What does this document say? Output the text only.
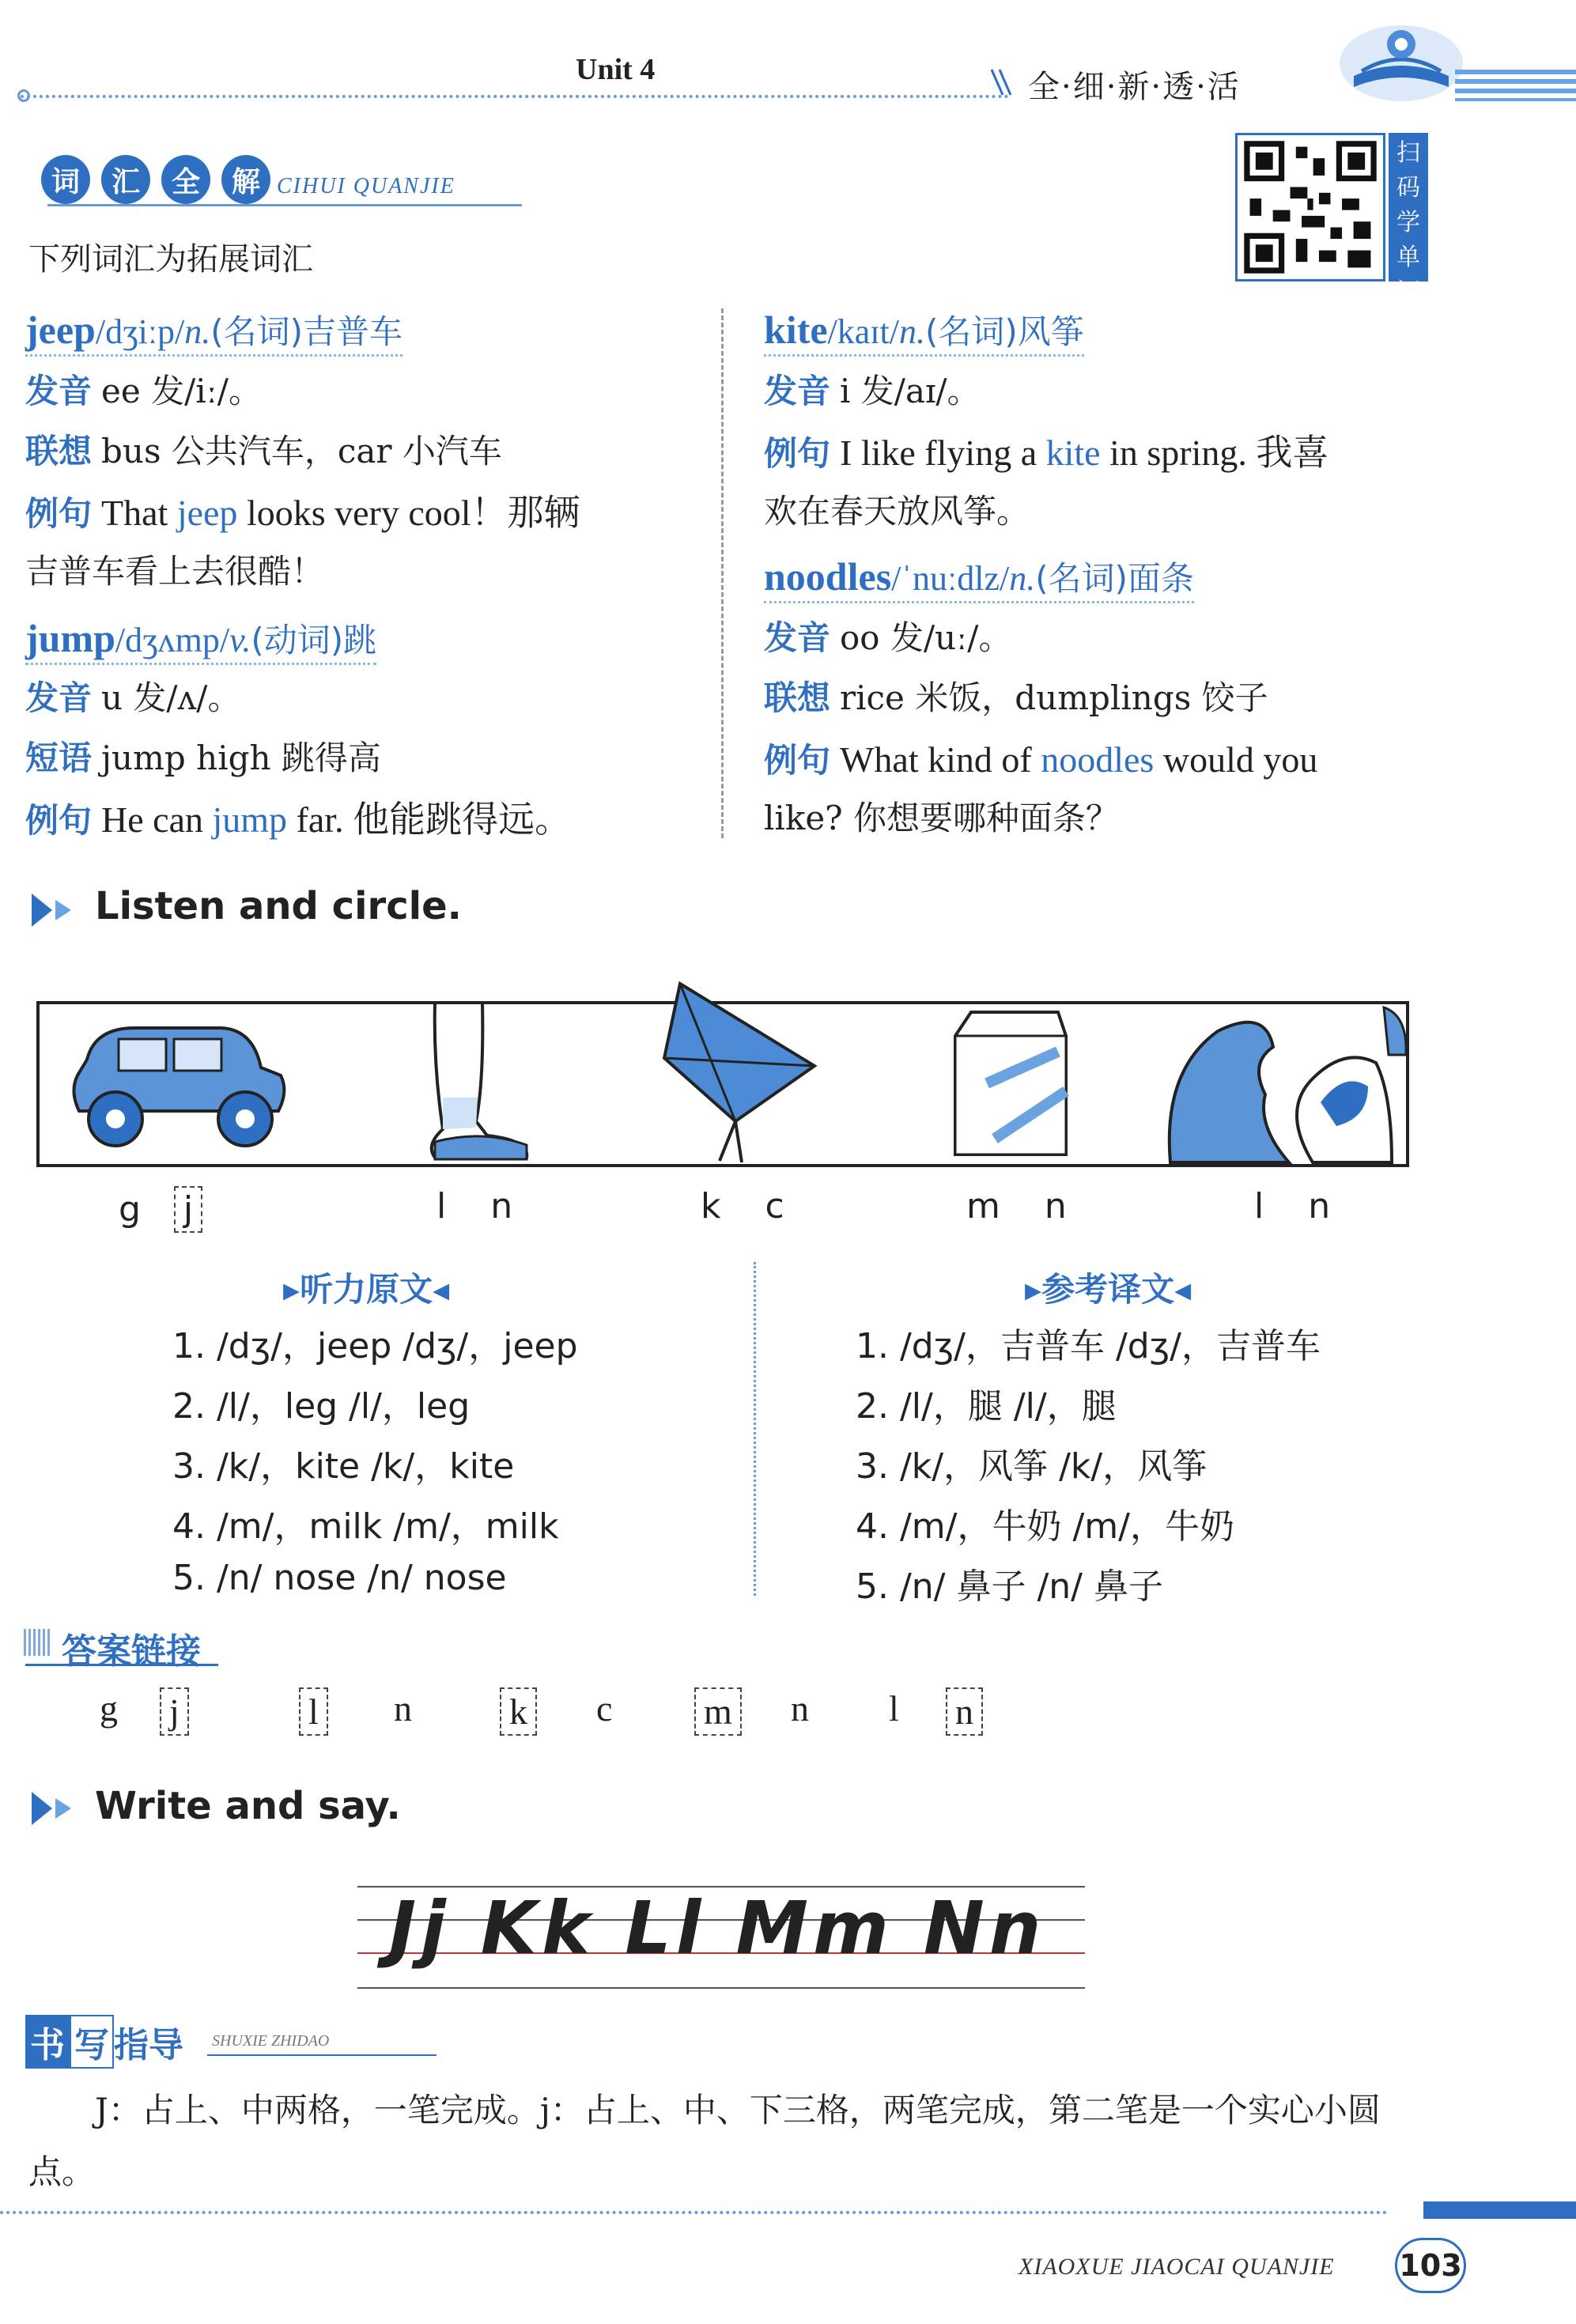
Unit 4	全·细·新·透·活
词	汇	全	解 CIHUI QUANJIE
下列词汇为拓展词汇
扫
码
学
单
词
jeep/dʒiːp/n.(名词)吉普车
发音 ee 发/iː/。
联想 bus 公共汽车，car 小汽车
例句 That jeep looks very cool！那辆
吉普车看上去很酷！
jump/dʒʌmp/v.(动词)跳
发音 u 发/ʌ/。
短语 jump high 跳得高
例句 He can jump far. 他能跳得远。
kite/kaɪt/n.(名词)风筝
发音 i 发/aɪ/。
例句 I like flying a kite in spring. 我喜
欢在春天放风筝。
noodles/ˈnuːdlz/n.(名词)面条
发音 oo 发/uː/。
联想 rice 米饭，dumplings 饺子
例句 What kind of noodles would you
like? 你想要哪种面条？
Listen and circle.
g j	l n	k c	m n	l n
▸听力原文◂	▸参考译文◂
1. /dʒ/，jeep /dʒ/，jeep
2. /l/，leg /l/，leg
3. /k/，kite /k/，kite
4. /m/，milk /m/，milk
5. /n/ nose /n/ nose
1. /dʒ/，吉普车 /dʒ/，吉普车
2. /l/，腿 /l/，腿
3. /k/，风筝 /k/，风筝
4. /m/，牛奶 /m/，牛奶
5. /n/ 鼻子 /n/ 鼻子
答案链接
g j	l n	k c	m n l n
Write and say.
Jj Kk Ll Mm Nn
书 写 指导 SHUXIE ZHIDAO
J：占上、中两格，一笔完成。j：占上、中、下三格，两笔完成，第二笔是一个实心小圆点。
XIAOXUE JIAOCAI QUANJIE 103
